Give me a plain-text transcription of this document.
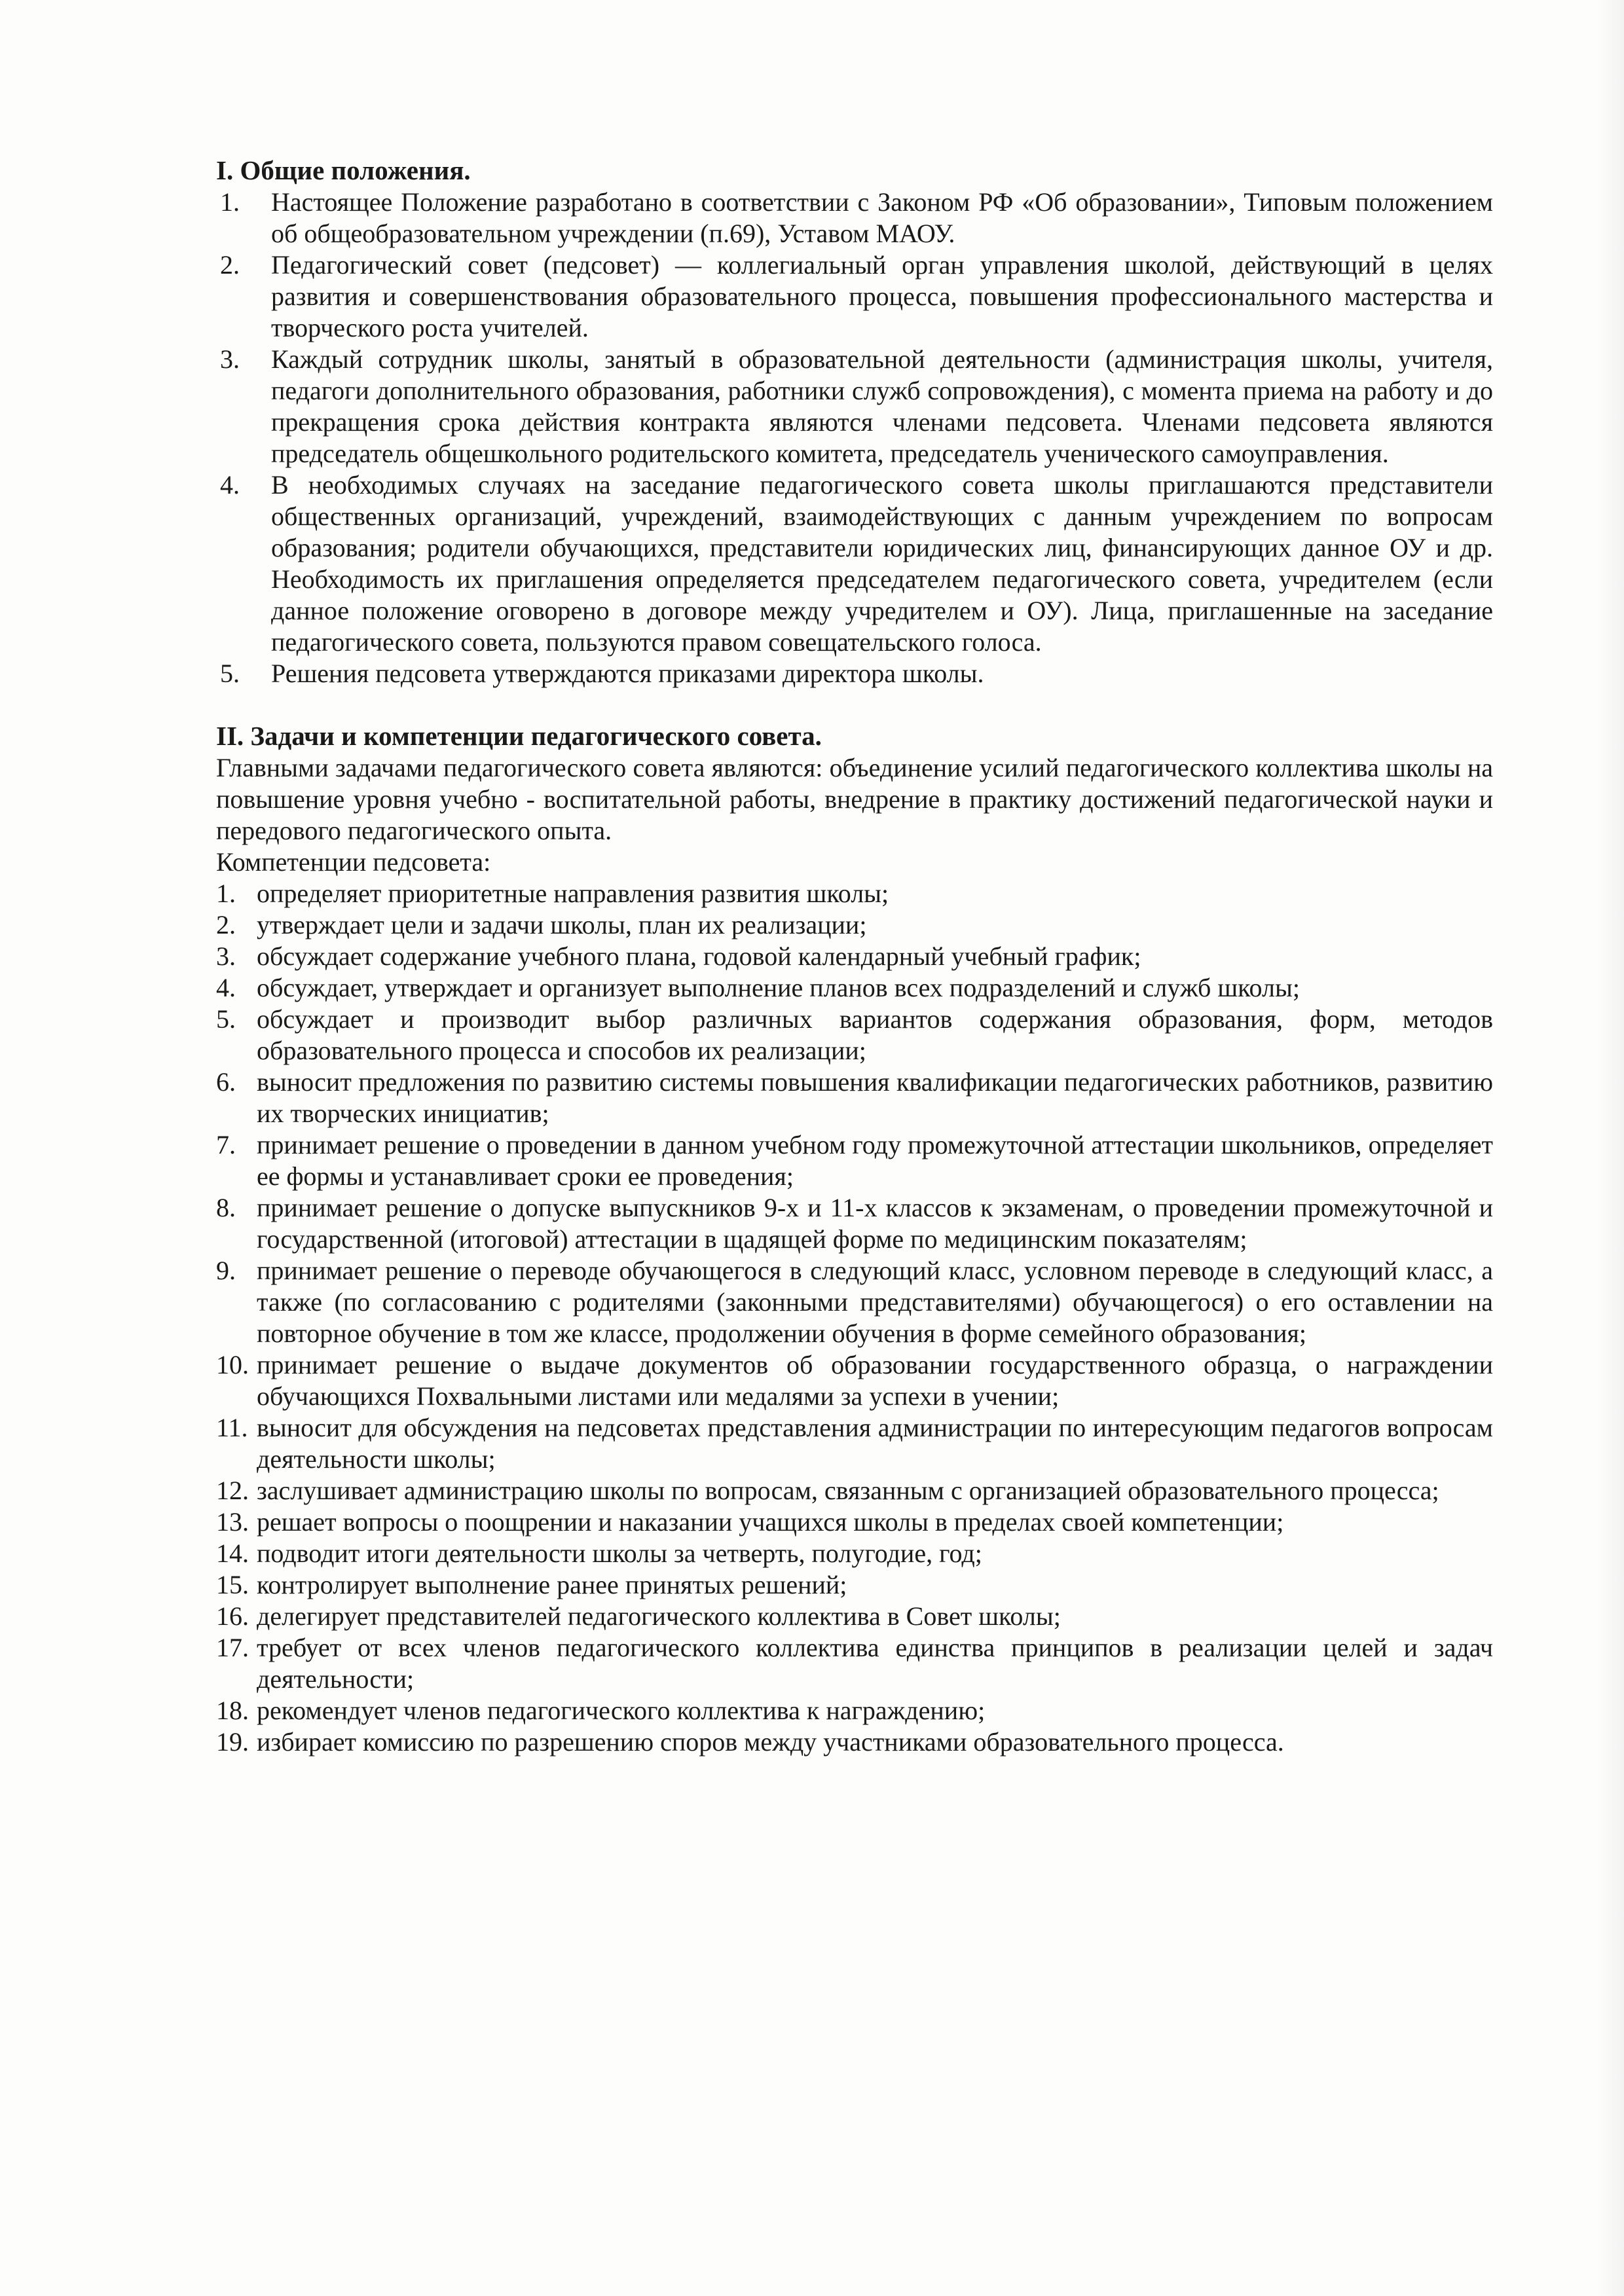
I. Общие положения.
1. Настоящее Положение разработано в соответствии с Законом РФ «Об образовании», Типовым положением об общеобразовательном учреждении (п.69), Уставом МАОУ.
2. Педагогический совет (педсовет) — коллегиальный орган управления школой, действующий в целях развития и совершенствования образовательного процесса, повышения профессионального мастерства и творческого роста учителей.
3. Каждый сотрудник школы, занятый в образовательной деятельности (администрация школы, учителя, педагоги дополнительного образования, работники служб сопровождения), с момента приема на работу и до прекращения срока действия контракта являются членами педсовета. Членами педсовета являются председатель общешкольного родительского комитета, председатель ученического самоуправления.
4. В необходимых случаях на заседание педагогического совета школы приглашаются представители общественных организаций, учреждений, взаимодействующих с данным учреждением по вопросам образования; родители обучающихся, представители юридических лиц, финансирующих данное ОУ и др. Необходимость их приглашения определяется председателем педагогического совета, учредителем (если данное положение оговорено в договоре между учредителем и ОУ). Лица, приглашенные на заседание педагогического совета, пользуются правом совещательского голоса.
5. Решения педсовета утверждаются приказами директора школы.
II. Задачи и компетенции педагогического совета.

Главными задачами педагогического совета являются: объединение усилий педагогического коллектива школы на повышение уровня учебно - воспитательной работы, внедрение в практику достижений педагогической науки и передового педагогического опыта.

Компетенции педсовета:

1. определяет приоритетные направления развития школы;
2. утверждает цели и задачи школы, план их реализации;
3. обсуждает содержание учебного плана, годовой календарный учебный график;
4. обсуждает, утверждает и организует выполнение планов всех подразделений и служб школы;
5. обсуждает и производит выбор различных вариантов содержания образования, форм, методов образовательного процесса и способов их реализации;
6. выносит предложения по развитию системы повышения квалификации педагогических работников, развитию их творческих инициатив;
7. принимает решение о проведении в данном учебном году промежуточной аттестации школьников, определяет ее формы и устанавливает сроки ее проведения;
8. принимает решение о допуске выпускников 9-х и 11-х классов к экзаменам, о проведении промежуточной и государственной (итоговой) аттестации в щадящей форме по медицинским показателям;
9. принимает решение о переводе обучающегося в следующий класс, условном переводе в следующий класс, а также (по согласованию с родителями (законными представителями) обучающегося) о его оставлении на повторное обучение в том же классе, продолжении обучения в форме семейного образования;
10. принимает решение о выдаче документов об образовании государственного образца, о награждении обучающихся Похвальными листами или медалями за успехи в учении;
11. выносит для обсуждения на педсоветах представления администрации по интересующим педагогов вопросам деятельности школы;
12. заслушивает администрацию школы по вопросам, связанным с организацией образовательного процесса;
13. решает вопросы о поощрении и наказании учащихся школы в пределах своей компетенции;
14. подводит итоги деятельности школы за четверть, полугодие, год;
15. контролирует выполнение ранее принятых решений;
16. делегирует представителей педагогического коллектива в Совет школы;
17. требует от всех членов педагогического коллектива единства принципов в реализации целей и задач деятельности;
18. рекомендует членов педагогического коллектива к награждению;
19. избирает комиссию по разрешению споров между участниками образовательного процесса.
